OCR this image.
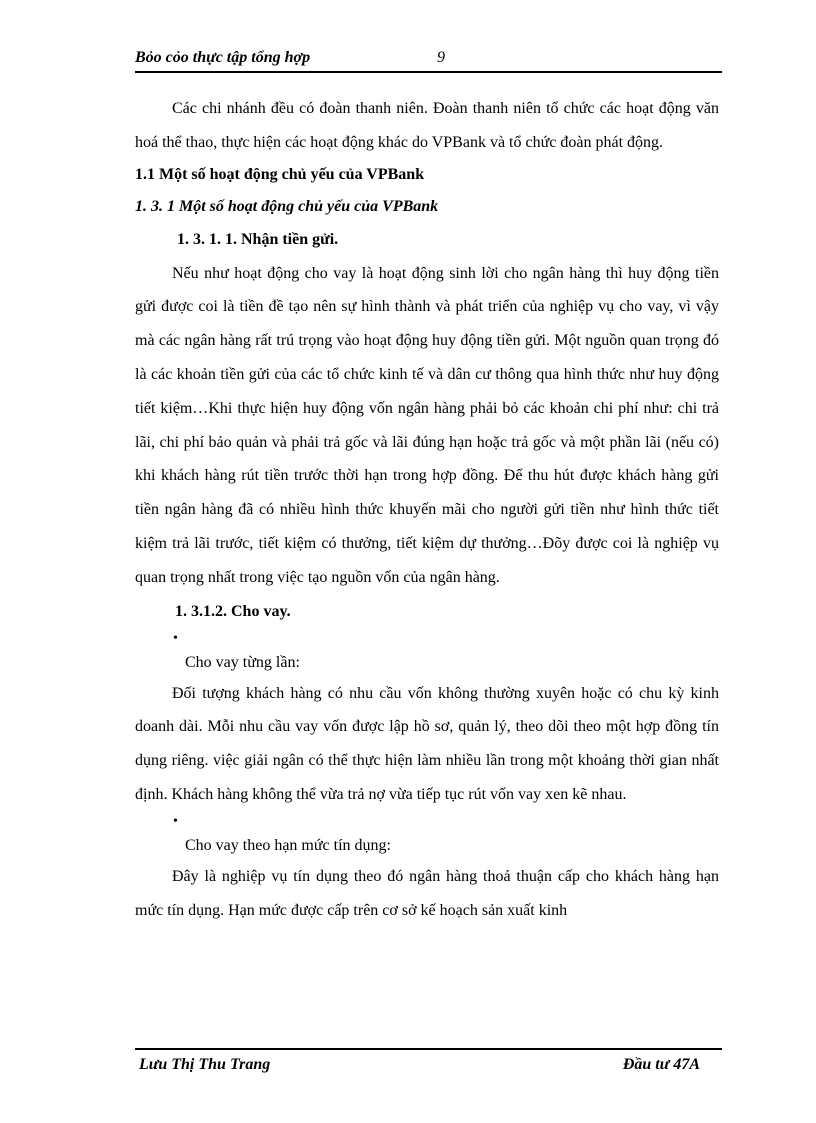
Bỏo cỏo thực tập tổng hợp	9

Các chi nhánh đều có đoàn thanh niên. Đoàn thanh niên tổ chức các hoạt động văn hoá thể thao, thực hiện các hoạt động khác do VPBank và tổ chức đoàn phát động.

1.1 Một số hoạt động chủ yếu của VPBank

1. 3. 1 Một số hoạt động chủ yếu của VPBank

1. 3. 1. 1. Nhận tiền gửi.

Nếu như hoạt động cho vay là hoạt động sinh lời cho ngân hàng thì huy động tiền gửi được coi là tiền đề tạo nên sự hình thành và phát triển của nghiệp vụ cho vay, vì vậy mà các ngân hàng rất trú trọng vào hoạt động huy động tiền gửi. Một nguồn quan trọng đó là các khoản tiền gửi của các tổ chức kinh tế và dân cư thông qua hình thức như huy động tiết kiệm…Khi thực hiện huy động vốn ngân hàng phải bỏ các khoản chi phí như: chi trả lãi, chi phí bảo quản và phải trả gốc và lãi đúng hạn hoặc trả gốc và một phần lãi (nếu có) khi khách hàng rút tiền trước thời hạn trong hợp đồng. Để thu hút được khách hàng gửi tiền ngân hàng đã có nhiều hình thức khuyến mãi cho người gửi tiền như hình thức tiết kiệm trả lãi trước, tiết kiệm có thưởng, tiết kiệm dự thưởng…Đõy được coi là nghiệp vụ quan trọng nhất trong việc tạo nguồn vốn của ngân hàng.

1. 3.1.2. Cho vay.

•

Cho vay từng lần:

Đối tượng khách hàng có nhu cầu vốn không thường xuyên hoặc có chu kỳ kinh doanh dài. Mỗi nhu cầu vay vốn được lập hồ sơ, quản lý, theo dõi theo một hợp đồng tín dụng riêng. việc giải ngân có thể thực hiện làm nhiều lần trong một khoảng thời gian nhất định. Khách hàng không thể vừa trả nợ vừa tiếp tục rút vốn vay xen kẽ nhau.

•

Cho vay theo hạn mức tín dụng:

Đây là nghiệp vụ tín dụng theo đó ngân hàng thoả thuận cấp cho khách hàng hạn mức tín dụng. Hạn mức được cấp trên cơ sở kế hoạch sản xuất kinh

Lưu Thị Thu Trang	Đầu tư 47A
